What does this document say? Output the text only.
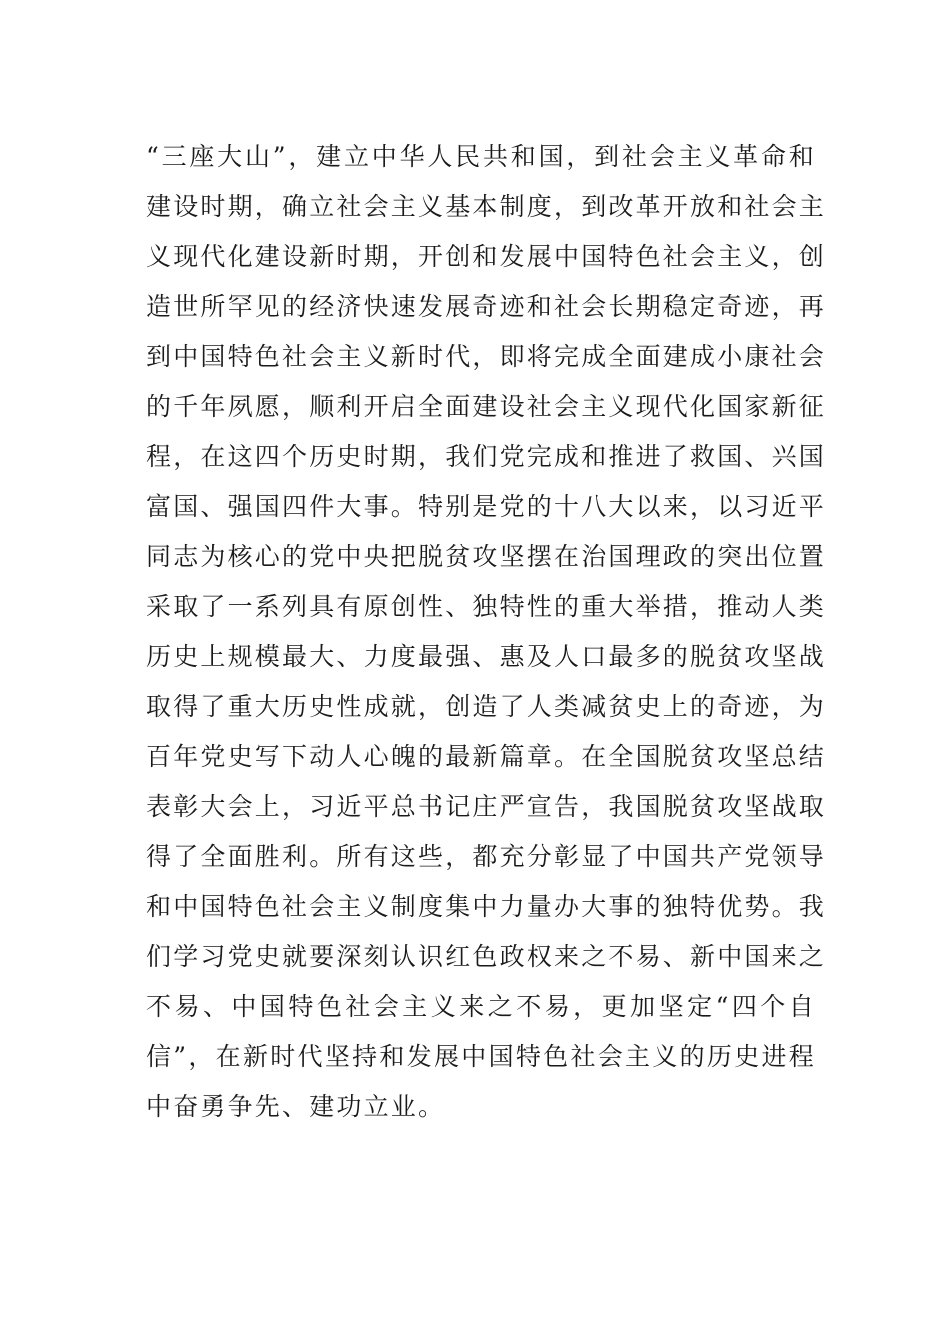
“三座大山”，建立中华人民共和国，到社会主义革命和
建设时期，确立社会主义基本制度，到改革开放和社会主
义现代化建设新时期，开创和发展中国特色社会主义，创
造世所罕见的经济快速发展奇迹和社会长期稳定奇迹，再
到中国特色社会主义新时代，即将完成全面建成小康社会
的千年夙愿，顺利开启全面建设社会主义现代化国家新征
程，在这四个历史时期，我们党完成和推进了救国、兴国
富国、强国四件大事。特别是党的十八大以来，以习近平
同志为核心的党中央把脱贫攻坚摆在治国理政的突出位置
采取了一系列具有原创性、独特性的重大举措，推动人类
历史上规模最大、力度最强、惠及人口最多的脱贫攻坚战
取得了重大历史性成就，创造了人类减贫史上的奇迹，为
百年党史写下动人心魄的最新篇章。在全国脱贫攻坚总结
表彰大会上，习近平总书记庄严宣告，我国脱贫攻坚战取
得了全面胜利。所有这些，都充分彰显了中国共产党领导
和中国特色社会主义制度集中力量办大事的独特优势。我
们学习党史就要深刻认识红色政权来之不易、新中国来之
不易、中国特色社会主义来之不易，更加坚定“四个自
信”，在新时代坚持和发展中国特色社会主义的历史进程
中奋勇争先、建功立业。
